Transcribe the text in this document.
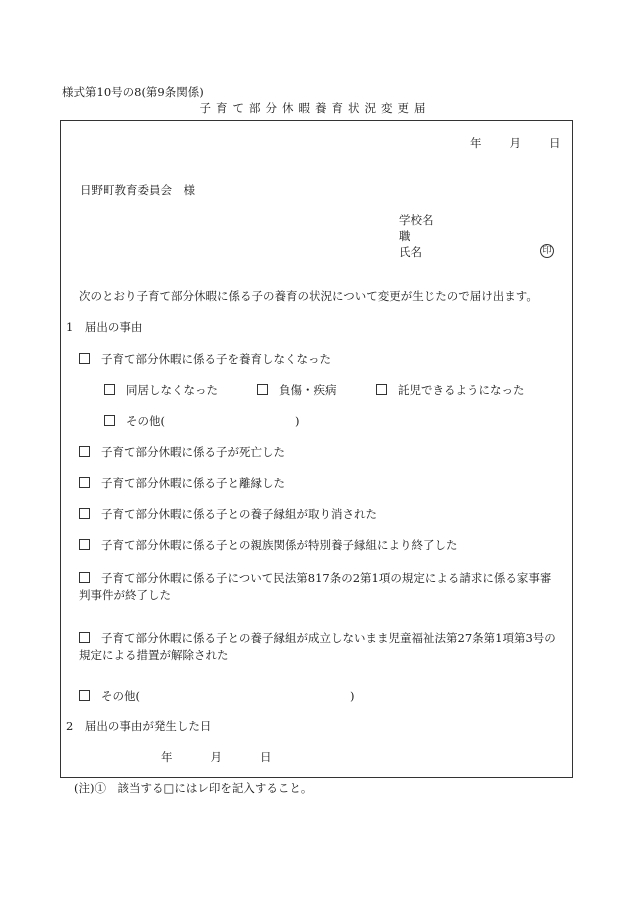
様式第10号の8(第9条関係)
子育て部分休暇養育状況変更届
年 月 日
日野町教育委員会　様
学校名
職
氏名	印
次のとおり子育て部分休暇に係る子の養育の状況について変更が生じたので届け出ます。
1　届出の事由
子育て部分休暇に係る子を養育しなくなった
同居しなくなった	負傷・疾病	託児できるようになった
その他(	)
子育て部分休暇に係る子が死亡した
子育て部分休暇に係る子と離縁した
子育て部分休暇に係る子との養子縁組が取り消された
子育て部分休暇に係る子との親族関係が特別養子縁組により終了した
子育て部分休暇に係る子について民法第817条の2第1項の規定による請求に係る家事審判事件が終了した
子育て部分休暇に係る子との養子縁組が成立しないまま児童福祉法第27条第1項第3号の規定による措置が解除された
その他(	)
2　届出の事由が発生した日
年	月	日
(注)①　該当する□にはレ印を記入すること。
